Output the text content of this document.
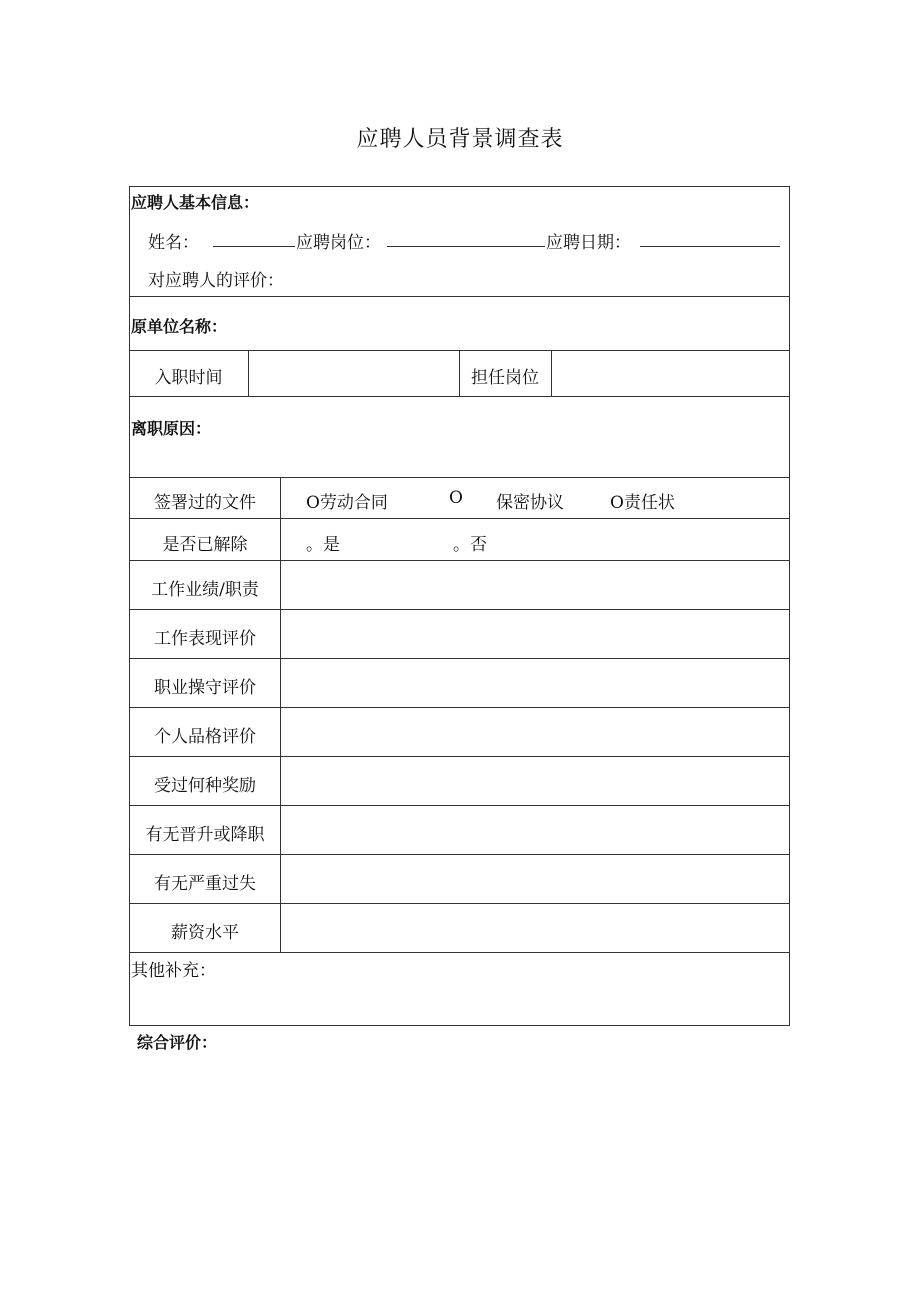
应聘人员背景调查表
应聘人基本信息：
姓名：	应聘岗位：	应聘日期：
对应聘人的评价：
原单位名称：
入职时间	担任岗位
离职原因：
签署过的文件	O劳动合同	O 保密协议	O责任状
是否已解除	。是	。否
工作业绩/职责
工作表现评价
职业操守评价
个人品格评价
受过何种奖励
有无晋升或降职
有无严重过失
薪资水平
其他补充：
综合评价：
